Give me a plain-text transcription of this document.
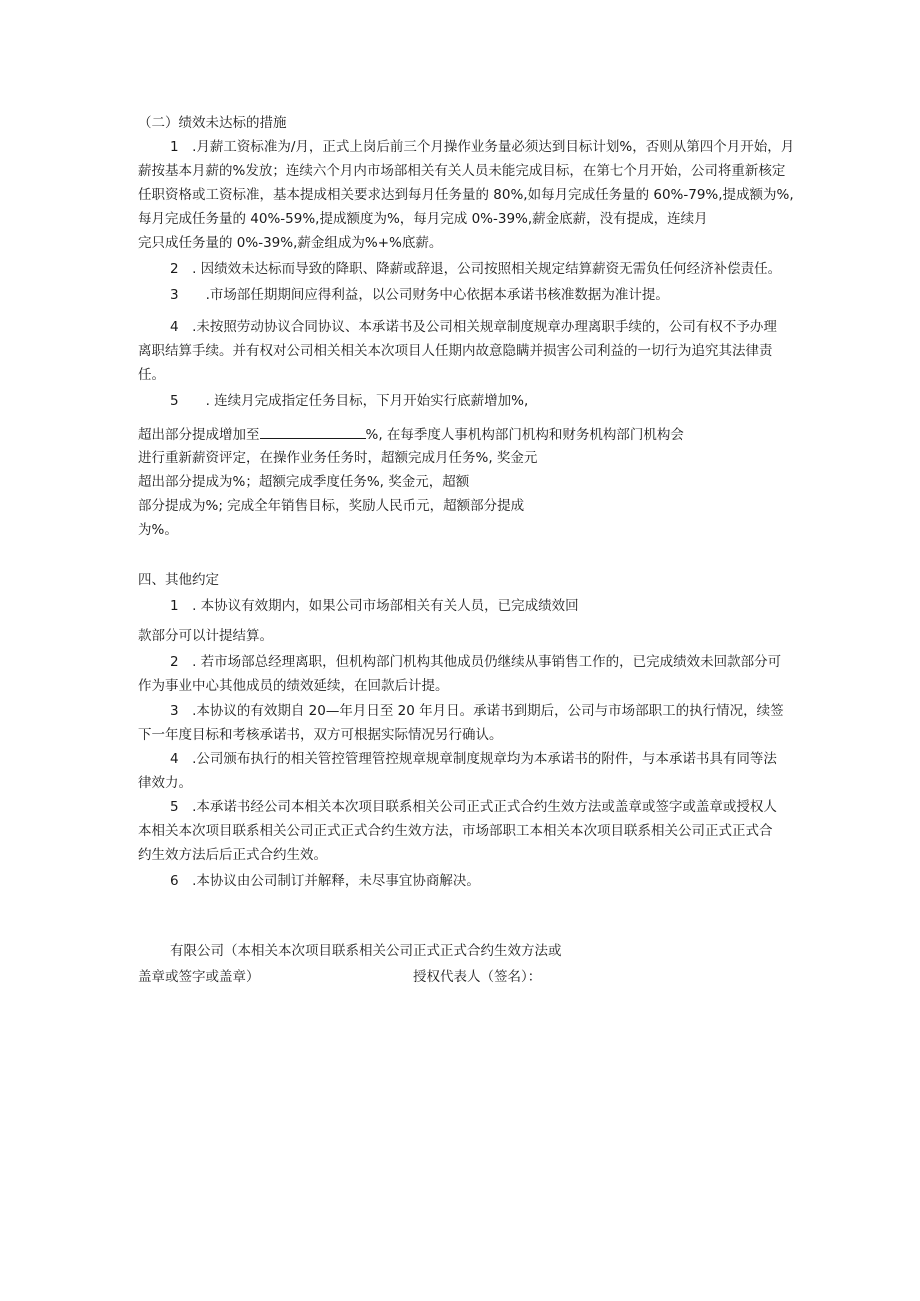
（二）绩效未达标的措施
1　.月薪工资标准为/月，正式上岗后前三个月操作业务量必须达到目标计划%，否则从第四个月开始，月
薪按基本月薪的%发放；连续六个月内市场部相关有关人员未能完成目标，在第七个月开始，公司将重新核定
任职资格或工资标准，基本提成相关要求达到每月任务量的 80%,如每月完成任务量的 60%-79%,提成额为%,
每月完成任务量的 40%-59%,提成额度为%，每月完成 0%-39%,薪金底薪，没有提成，连续月
完只成任务量的 0%-39%,薪金组成为%+%底薪。
2　. 因绩效未达标而导致的降职、降薪或辞退，公司按照相关规定结算薪资无需负任何经济补偿责任。
3　　.市场部任期期间应得利益，以公司财务中心依据本承诺书核准数据为准计提。
4　.未按照劳动协议合同协议、本承诺书及公司相关规章制度规章办理离职手续的，公司有权不予办理
离职结算手续。并有权对公司相关相关本次项目人任期内故意隐瞒并损害公司利益的一切行为追究其法律责
任。
5　　. 连续月完成指定任务目标，下月开始实行底薪增加%,
超出部分提成增加至	%, 在每季度人事机构部门机构和财务机构部门机构会
进行重新薪资评定，在操作业务任务时，超额完成月任务%, 奖金元
超出部分提成为%；超额完成季度任务%, 奖金元，超额
部分提成为%; 完成全年销售目标，奖励人民币元，超额部分提成
为%。
四、其他约定
1　. 本协议有效期内，如果公司市场部相关有关人员，已完成绩效回
款部分可以计提结算。
2　. 若市场部总经理离职，但机构部门机构其他成员仍继续从事销售工作的，已完成绩效未回款部分可
作为事业中心其他成员的绩效延续，在回款后计提。
3　.本协议的有效期自 20—年月日至 20 年月日。承诺书到期后，公司与市场部职工的执行情况，续签
下一年度目标和考核承诺书，双方可根据实际情况另行确认。
4　.公司颁布执行的相关管控管理管控规章规章制度规章均为本承诺书的附件，与本承诺书具有同等法
律效力。
5　.本承诺书经公司本相关本次项目联系相关公司正式正式合约生效方法或盖章或签字或盖章或授权人
本相关本次项目联系相关公司正式正式合约生效方法，市场部职工本相关本次项目联系相关公司正式正式合
约生效方法后后正式合约生效。
6　.本协议由公司制订并解释，未尽事宜协商解决。
有限公司（本相关本次项目联系相关公司正式正式合约生效方法或
盖章或签字或盖章）	授权代表人（签名）：
